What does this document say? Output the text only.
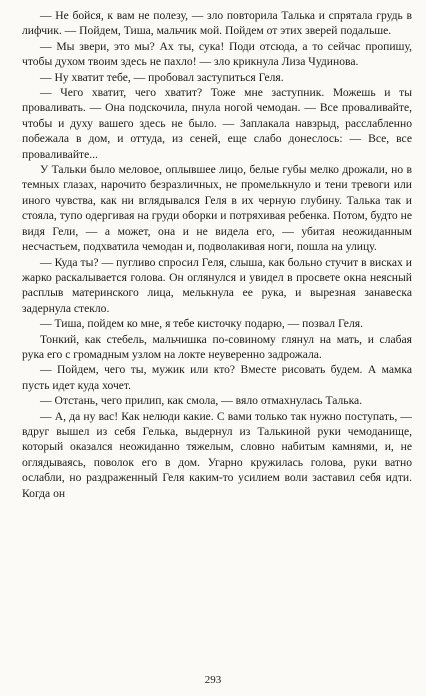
— Не бойся, к вам не полезу, — зло повторила Талька и спрятала грудь в лифчик. — Пойдем, Тиша, мальчик мой. Пойдем от этих зверей подальше.

— Мы звери, это мы? Ах ты, сука! Поди отсюда, а то сейчас пропишу, чтобы духом твоим здесь не пахло! — зло крикнула Лиза Чудинова.

— Ну хватит тебе, — пробовал заступиться Геля.

— Чего хватит, чего хватит? Тоже мне заступник. Можешь и ты проваливать. — Она подскочила, пнула ногой чемодан. — Все проваливайте, чтобы и духу вашего здесь не было. — Заплакала навзрыд, расслабленно побежала в дом, и оттуда, из сеней, еще слабо донеслось: — Все, все проваливайте...

У Тальки было меловое, оплывшее лицо, белые губы мелко дрожали, но в темных глазах, нарочито безразличных, не промелькнуло и тени тревоги или иного чувства, как ни вглядывался Геля в их черную глубину. Талька так и стояла, тупо одергивая на груди оборки и потряхивая ребенка. Потом, будто не видя Гели, — а может, она и не видела его, — убитая неожиданным несчастьем, подхватила чемодан и, подволакивая ноги, пошла на улицу.

— Куда ты? — пугливо спросил Геля, слыша, как больно стучит в висках и жарко раскалывается голова. Он оглянулся и увидел в просвете окна неясный расплыв материнского лица, мелькнула ее рука, и вырезная занавеска задернула стекло.

— Тиша, пойдем ко мне, я тебе кисточку подарю, — позвал Геля.

Тонкий, как стебель, мальчишка по-совиному глянул на мать, и слабая рука его с громадным узлом на локте неуверенно задрожала.

— Пойдем, чего ты, мужик или кто? Вместе рисовать будем. А мамка пусть идет куда хочет.

— Отстань, чего прилип, как смола, — вяло отмахнулась Талька.

— А, да ну вас! Как нелюди какие. С вами только так нужно поступать, — вдруг вышел из себя Гелька, выдернул из Талькиной руки чемоданище, который оказался неожиданно тяжелым, словно набитым камнями, и, не оглядываясь, поволок его в дом. Угарно кружилась голова, руки ватно ослабли, но раздраженный Геля каким-то усилием воли заставил себя идти. Когда он

293
